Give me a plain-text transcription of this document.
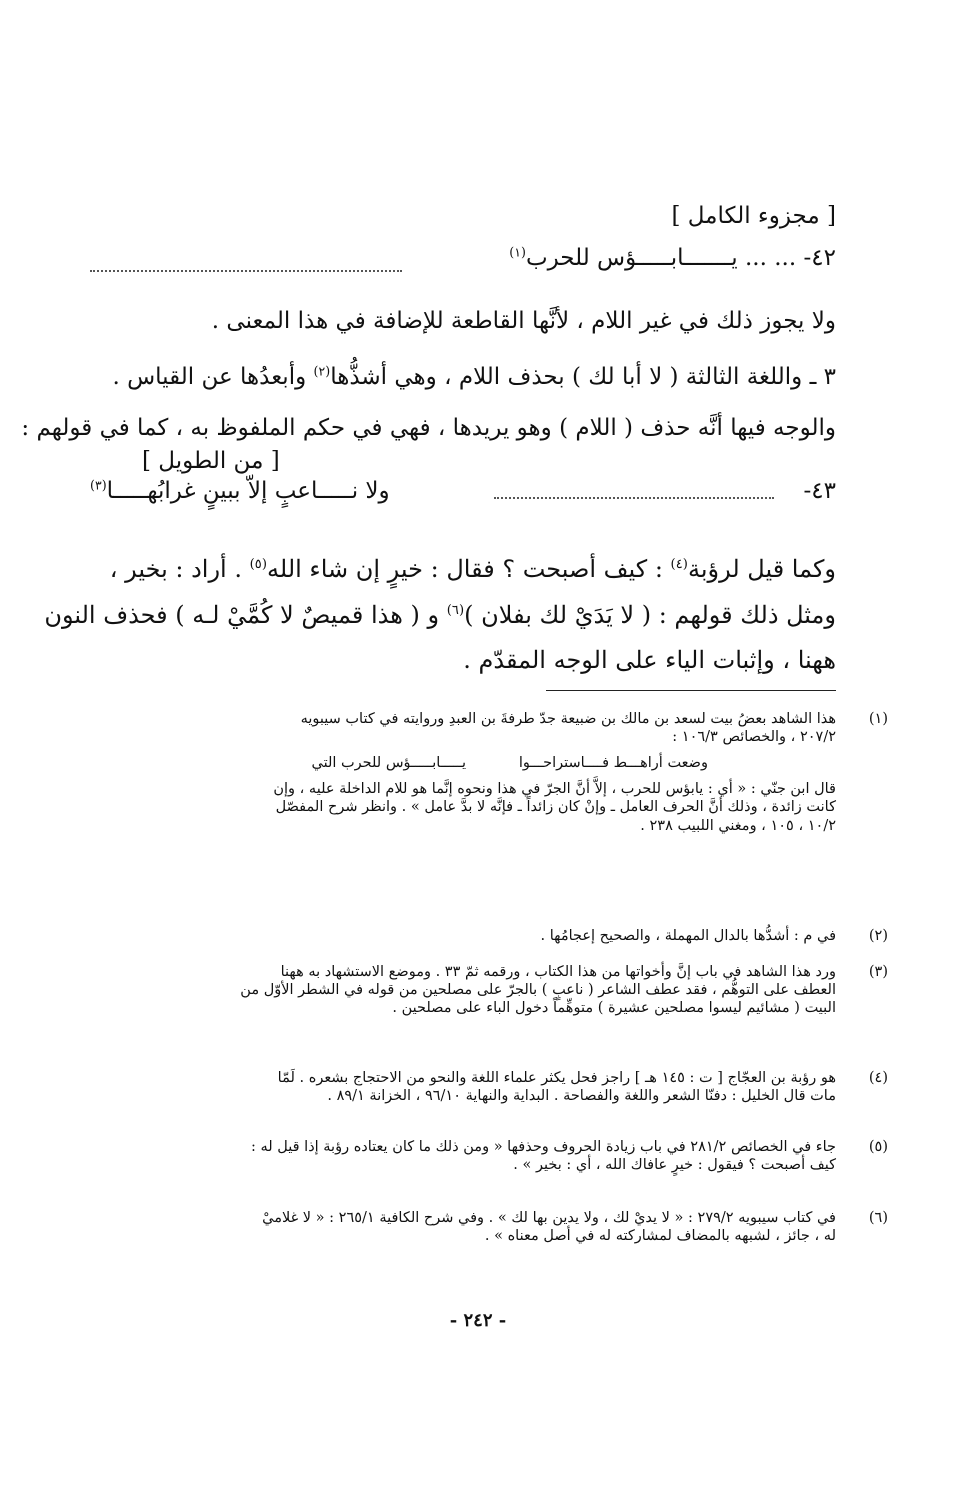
[ مجزوء الكامل ]
٤٢- ... ... يـــــــابـــــؤس للحرب$^{(١)}$
ولا يجوز ذلك في غير اللام ، لأنَّها القاطعة للإضافة في هذا المعنى .
٣ ـ واللغة الثالثة ( لا أبا لك ) بحذف اللام ، وهي أشذُّها$^{(٢)}$ وأبعدُها عن القياس .
والوجه فيها أنَّه حذف ( اللام ) وهو يريدها ، فهي في حكم الملفوظ به ، كما في قولهم :
[ من الطويل ]
٤٣-
ولا نـــــاعبٍ إلاّ ببينٍ غرابُهـــــا$^{(٣)}$
وكما قيل لرؤبة$^{(٤)}$ : كيف أصبحت ؟ فقال : خيرٍ إن شاء الله$^{(٥)}$ . أراد : بخير ،
ومثل ذلك قولهم : ( لا يَدَيْ لك بفلان )$^{(٦)}$ و ( هذا قميصٌ لا كُمَّيْ لـه ) فحذف النون
ههنا ، وإثبات الياء على الوجه المقدّم .
(١)
هذا الشاهد بعضُ بيت لسعد بن مالك بن ضبيعة جدّ طرفةَ بن العبدِ وروايته في كتاب سيبويه
٢٠٧/٢ ، والخصائص ١٠٦/٣ :
يـــــابـــــؤس للحرب التي	وضعت أراهـــط فــــاستراحـــوا
قال ابن جنّي : « أي : يابؤس للحرب ، إلاَّ أنَّ الجرّ في هذا ونحوه إنَّما هو للام الداخلة عليه ، وإن
كانت زائدة ، وذلك أنَّ الحرف العامل ـ وإنْ كان زائداً ـ فإنَّه لا بدَّ عامل » . وانظر شرح المفصّل
١٠/٢ ، ١٠٥ ، ومغني اللبيب ٢٣٨ .
(٢)
في م : أشدُّها بالدال المهملة ، والصحيح إعجامُها .
(٣)
ورد هذا الشاهد في باب إنَّ وأخواتها من هذا الكتاب ، ورقمه ثمّ ٣٣ . وموضع الاستشهاد به ههنا
العطف على التوهُّم ، فقد عطف الشاعر ( ناعبٍ ) بالجرّ على مصلحين من قوله في الشطر الأوّل من
البيت ( مشائيم ليسوا مصلحين عشيرة ) متوهِّماً دخول الباء على مصلحين .
(٤)
هو رؤبة بن العجّاج [ ت : ١٤٥ هـ ] راجز فحل يكثر علماء اللغة والنحو من الاحتجاج بشعره . لَمّا
مات قال الخليل : دفنّا الشعر واللغة والفصاحة . البداية والنهاية ٩٦/١٠ ، الخزانة ٨٩/١ .
(٥)
جاء في الخصائص ٢٨١/٢ في باب زيادة الحروف وحذفها « ومن ذلك ما كان يعتاده رؤبة إذا قيل له :
كيف أصبحت ؟ فيقول : خيرٍ عافاك الله ، أي : بخير » .
(٦)
في كتاب سيبويه ٢٧٩/٢ : « لا يديْ لك ، ولا يدين بها لك » . وفي شرح الكافية ٢٦٥/١ : « لا غلاميْ
له ، جائز ، لشبهه بالمضاف لمشاركته له في أصل معناه » .
- ٢٤٢ -
